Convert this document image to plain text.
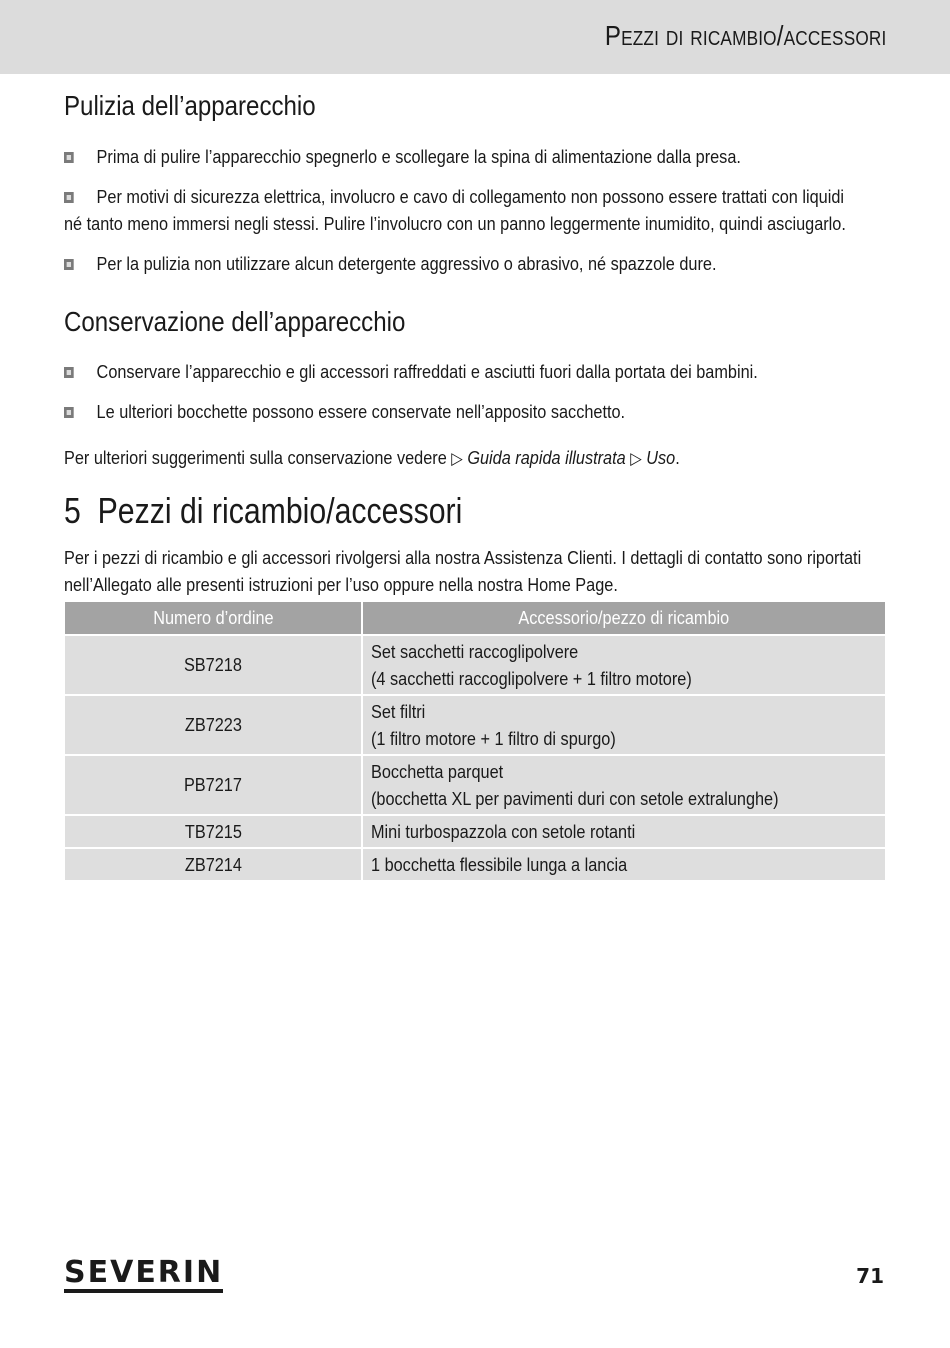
Pezzi di ricambio/accessori
Pulizia dell’apparecchio
Prima di pulire l’apparecchio spegnerlo e scollegare la spina di alimentazione dalla presa.
Per motivi di sicurezza elettrica, involucro e cavo di collegamento non possono essere trattati con liquidi
né tanto meno immersi negli stessi. Pulire l’involucro con un panno leggermente inumidito, quindi asciugarlo.
Per la pulizia non utilizzare alcun detergente aggressivo o abrasivo, né spazzole dure.
Conservazione dell’apparecchio
Conservare l’apparecchio e gli accessori raffreddati e asciutti fuori dalla portata dei bambini.
Le ulteriori bocchette possono essere conservate nell’apposito sacchetto.
Per ulteriori suggerimenti sulla conservazione vedere ▷ Guida rapida illustrata ▷ Uso.
5 Pezzi di ricambio/accessori
Per i pezzi di ricambio e gli accessori rivolgersi alla nostra Assistenza Clienti. I dettagli di contatto sono riportati
nell’Allegato alle presenti istruzioni per l’uso oppure nella nostra Home Page.
Numero d’ordine	Accessorio/pezzo di ricambio
SB7218	Set sacchetti raccoglipolvere
(4 sacchetti raccoglipolvere + 1 filtro motore)

ZB7223	Set filtri
(1 filtro motore + 1 filtro di spurgo)

PB7217	Bocchetta parquet
(bocchetta XL per pavimenti duri con setole extralunghe)

TB7215	Mini turbospazzola con setole rotanti
ZB7214	1 bocchetta flessibile lunga a lancia
SEVERIN	71
